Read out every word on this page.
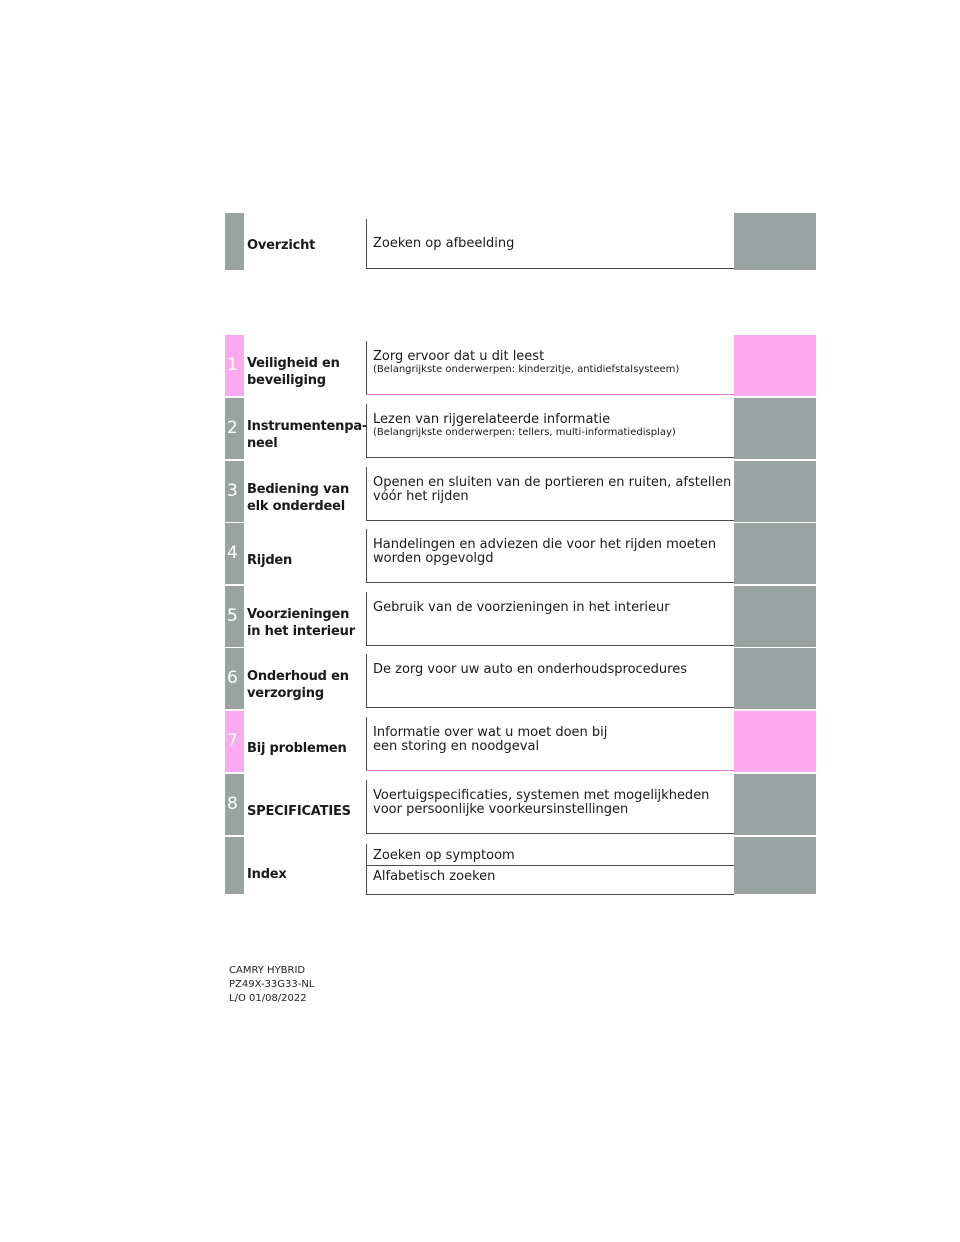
Overzicht	Zoeken op afbeelding
1 Veiligheid en beveiliging
Zorg ervoor dat u dit leest
(Belangrijkste onderwerpen: kinderzitje, antidiefstalsysteem)
2 Instrumentenpa-neel
Lezen van rijgerelateerde informatie
(Belangrijkste onderwerpen: tellers, multi-informatiedisplay)
3 Bediening van elk onderdeel
Openen en sluiten van de portieren en ruiten, afstellen vóór het rijden
4 Rijden
Handelingen en adviezen die voor het rijden moeten worden opgevolgd
5 Voorzieningen in het interieur
Gebruik van de voorzieningen in het interieur
6 Onderhoud en verzorging
De zorg voor uw auto en onderhoudsprocedures
7 Bij problemen
Informatie over wat u moet doen bij een storing en noodgeval
8 SPECIFICATIES
Voertuigspecificaties, systemen met mogelijkheden voor persoonlijke voorkeursinstellingen
Index
Zoeken op symptoom
Alfabetisch zoeken
CAMRY HYBRID
PZ49X-33G33-NL
L/O 01/08/2022
